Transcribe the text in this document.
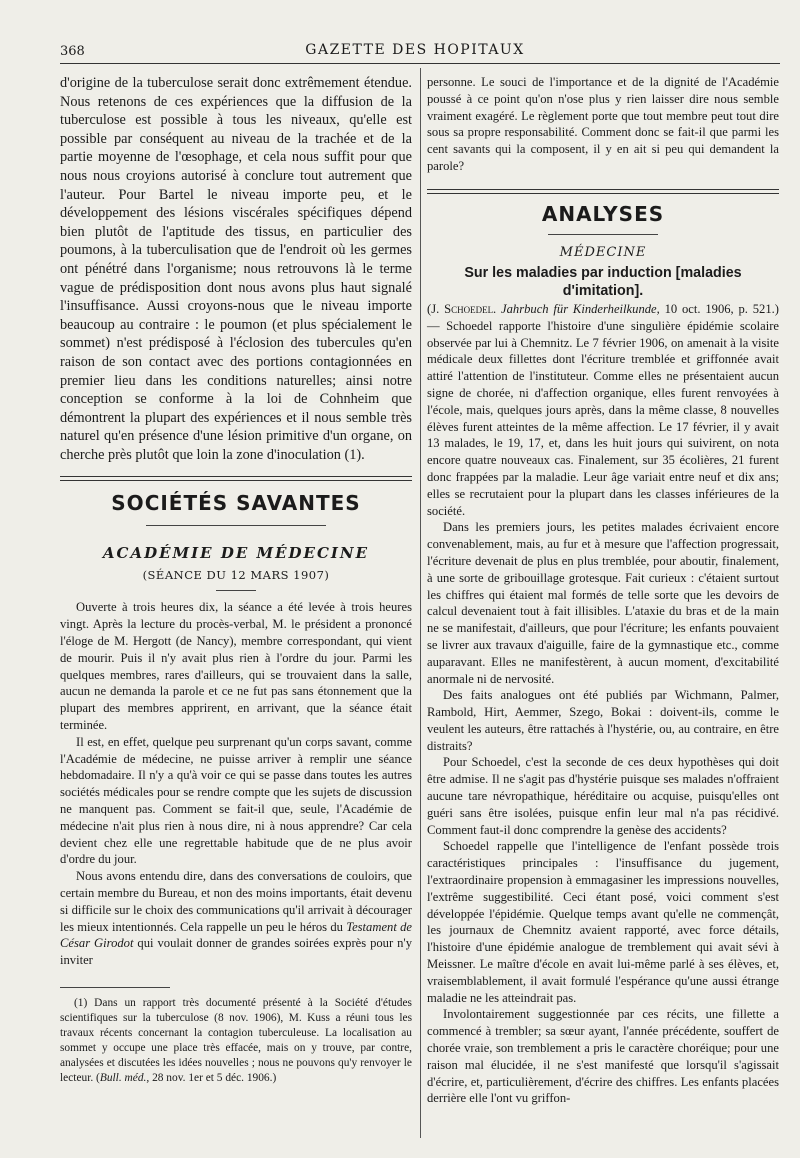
368	GAZETTE DES HOPITAUX

d'origine de la tuberculose serait donc extrêmement étendue. Nous retenons de ces expériences que la diffusion de la tuberculose est possible à tous les niveaux, qu'elle est possible par conséquent au niveau de la trachée et de la partie moyenne de l'œsophage, et cela nous suffit pour que nous nous croyions autorisé à conclure tout autrement que l'auteur. Pour Bartel le niveau importe peu, et le développement des lésions viscérales spécifiques dépend bien plutôt de l'aptitude des tissus, en particulier des poumons, à la tuberculisation que de l'endroit où les germes ont pénétré dans l'organisme; nous retrouvons là le terme vague de prédisposition dont nous avons plus haut signalé l'insuffisance. Aussi croyons-nous que le niveau importe beaucoup au contraire : le poumon (et plus spécialement le sommet) n'est prédisposé à l'éclosion des tubercules qu'en raison de son contact avec des portions contagionnées en premier lieu dans les conditions naturelles; ainsi notre conception se conforme à la loi de Cohnheim que démontrent la plupart des expériences et il nous semble très naturel qu'en présence d'une lésion primitive d'un organe, on cherche près plutôt que loin la zone d'inoculation (1).

SOCIÉTÉS SAVANTES
ACADÉMIE DE MÉDECINE
(SÉANCE DU 12 MARS 1907)

Ouverte à trois heures dix, la séance a été levée à trois heures vingt. Après la lecture du procès-verbal, M. le président a prononcé l'éloge de M. Hergott (de Nancy), membre correspondant, qui vient de mourir. Puis il n'y avait plus rien à l'ordre du jour. Parmi les quelques membres, rares d'ailleurs, qui se trouvaient dans la salle, aucun ne demanda la parole et ce ne fut pas sans étonnement que la plupart des membres apprirent, en arrivant, que la séance était terminée.

Il est, en effet, quelque peu surprenant qu'un corps savant, comme l'Académie de médecine, ne puisse arriver à remplir une séance hebdomadaire. Il n'y a qu'à voir ce qui se passe dans toutes les autres sociétés médicales pour se rendre compte que les sujets de discussion ne manquent pas. Comment se fait-il que, seule, l'Académie de médecine n'ait plus rien à nous dire, ni à nous apprendre? Car cela devient chez elle une regrettable habitude que de ne plus avoir d'ordre du jour.

Nous avons entendu dire, dans des conversations de couloirs, que certain membre du Bureau, et non des moins importants, était devenu si difficile sur le choix des communications qu'il arrivait à décourager les mieux intentionnés. Cela rappelle un peu le héros du Testament de César Girodot qui voulait donner de grandes soirées exprès pour n'y inviter

(1) Dans un rapport très documenté présenté à la Société d'études scientifiques sur la tuberculose (8 nov. 1906), M. Kuss a réuni tous les travaux récents concernant la contagion tuberculeuse. La localisation au sommet y occupe une place très effacée, mais on y trouve, par contre, analysées et discutées les idées nouvelles ; nous ne pouvons qu'y renvoyer le lecteur. (Bull. méd., 28 nov. 1er et 5 déc. 1906.)

personne. Le souci de l'importance et de la dignité de l'Académie poussé à ce point qu'on n'ose plus y rien laisser dire nous semble vraiment exagéré. Le règlement porte que tout membre peut tout dire sous sa propre responsabilité. Comment donc se fait-il que parmi les cent savants qui la composent, il y en ait si peu qui demandent la parole?

ANALYSES
MÉDECINE
Sur les maladies par induction [maladies d'imitation].

(J. Schoedel. Jahrbuch für Kinderheilkunde, 10 oct. 1906, p. 521.) — Schoedel rapporte l'histoire d'une singulière épidémie scolaire observée par lui à Chemnitz. Le 7 février 1906, on amenait à la visite médicale deux fillettes dont l'écriture tremblée et griffonnée avait attiré l'attention de l'instituteur. Comme elles ne présentaient aucun signe de chorée, ni d'affection organique, elles furent renvoyées à l'école, mais, quelques jours après, dans la même classe, 8 nouvelles élèves furent atteintes de la même affection. Le 17 février, il y avait 13 malades, le 19, 17, et, dans les huit jours qui suivirent, on nota encore quatre nouveaux cas. Finalement, sur 35 écolières, 21 furent donc frappées par la maladie. Leur âge variait entre neuf et dix ans; elles se recrutaient pour la plupart dans les classes inférieures de la société.

Dans les premiers jours, les petites malades écrivaient encore convenablement, mais, au fur et à mesure que l'affection progressait, l'écriture devenait de plus en plus tremblée, pour aboutir, finalement, à une sorte de gribouillage grotesque. Fait curieux : c'étaient surtout les chiffres qui étaient mal formés de telle sorte que les devoirs de calcul devenaient tout à fait illisibles. L'ataxie du bras et de la main ne se manifestait, d'ailleurs, que pour l'écriture; les enfants pouvaient se livrer aux travaux d'aiguille, faire de la gymnastique etc., comme auparavant. Elles ne manifestèrent, à aucun moment, d'excitabilité anormale ni de nervosité.

Des faits analogues ont été publiés par Wichmann, Palmer, Rambold, Hirt, Aemmer, Szego, Bokai : doivent-ils, comme le veulent les auteurs, être rattachés à l'hystérie, ou, au contraire, en être distraits?

Pour Schoedel, c'est la seconde de ces deux hypothèses qui doit être admise. Il ne s'agit pas d'hystérie puisque ses malades n'offraient aucune tare névropathique, héréditaire ou acquise, puisqu'elles ont guéri sans être isolées, puisque enfin leur mal n'a pas récidivé. Comment faut-il donc comprendre la genèse des accidents?

Schoedel rappelle que l'intelligence de l'enfant possède trois caractéristiques principales : l'insuffisance du jugement, l'extraordinaire propension à emmagasiner les impressions nouvelles, l'extrême suggestibilité. Ceci étant posé, voici comment s'est développée l'épidémie. Quelque temps avant qu'elle ne commençât, les journaux de Chemnitz avaient rapporté, avec force détails, l'histoire d'une épidémie analogue de tremblement qui avait sévi à Meissner. Le maître d'école en avait lui-même parlé à ses élèves, et, vraisemblablement, il avait formulé l'espérance qu'une aussi étrange maladie ne les atteindrait pas.

Involontairement suggestionnée par ces récits, une fillette a commencé à trembler; sa sœur ayant, l'année précédente, souffert de chorée vraie, son tremblement a pris le caractère choréique; pour une raison mal élucidée, il ne s'est manifesté que lorsqu'il s'agissait d'écrire, et, particulièrement, d'écrire des chiffres. Les enfants placées derrière elle l'ont vu griffon-
